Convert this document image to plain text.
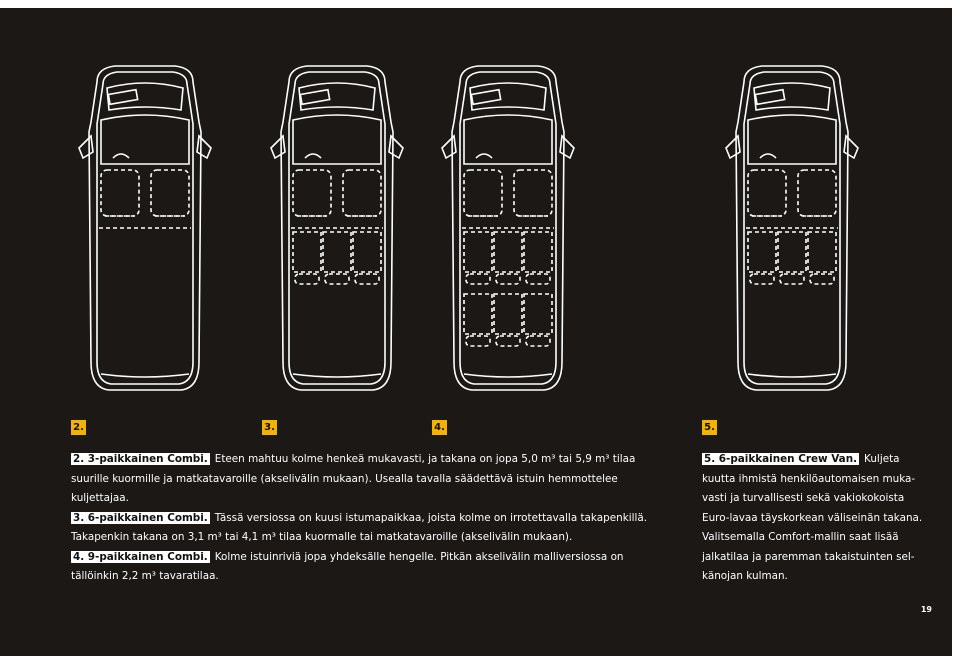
2.	3.	4.	5.

2. 3-paikkainen Combi. Eteen mahtuu kolme henkeä mukavasti, ja takana on jopa 5,0 m³ tai 5,9 m³ tilaa

suurille kuormille ja matkatavaroille (akselivälin mukaan). Usealla tavalla säädettävä istuin hemmottelee

kuljettajaa.

3. 6-paikkainen Combi. Tässä versiossa on kuusi istumapaikkaa, joista kolme on irrotettavalla takapenkillä.

Takapenkin takana on 3,1 m³ tai 4,1 m³ tilaa kuormalle tai matkatavaroille (akselivälin mukaan).

4. 9-paikkainen Combi. Kolme istuinriviä jopa yhdeksälle hengelle. Pitkän akselivälin malliversiossa on

tällöinkin 2,2 m³ tavaratilaa.

5. 6-paikkainen Crew Van. Kuljeta

kuutta ihmistä henkilöautomaisen muka-

vasti ja turvallisesti sekä vakiokokoista

Euro-lavaa täyskorkean väliseinän takana.

Valitsemalla Comfort-mallin saat lisää

jalkatilaa ja paremman takaistuinten sel-

känojan kulman.

19
